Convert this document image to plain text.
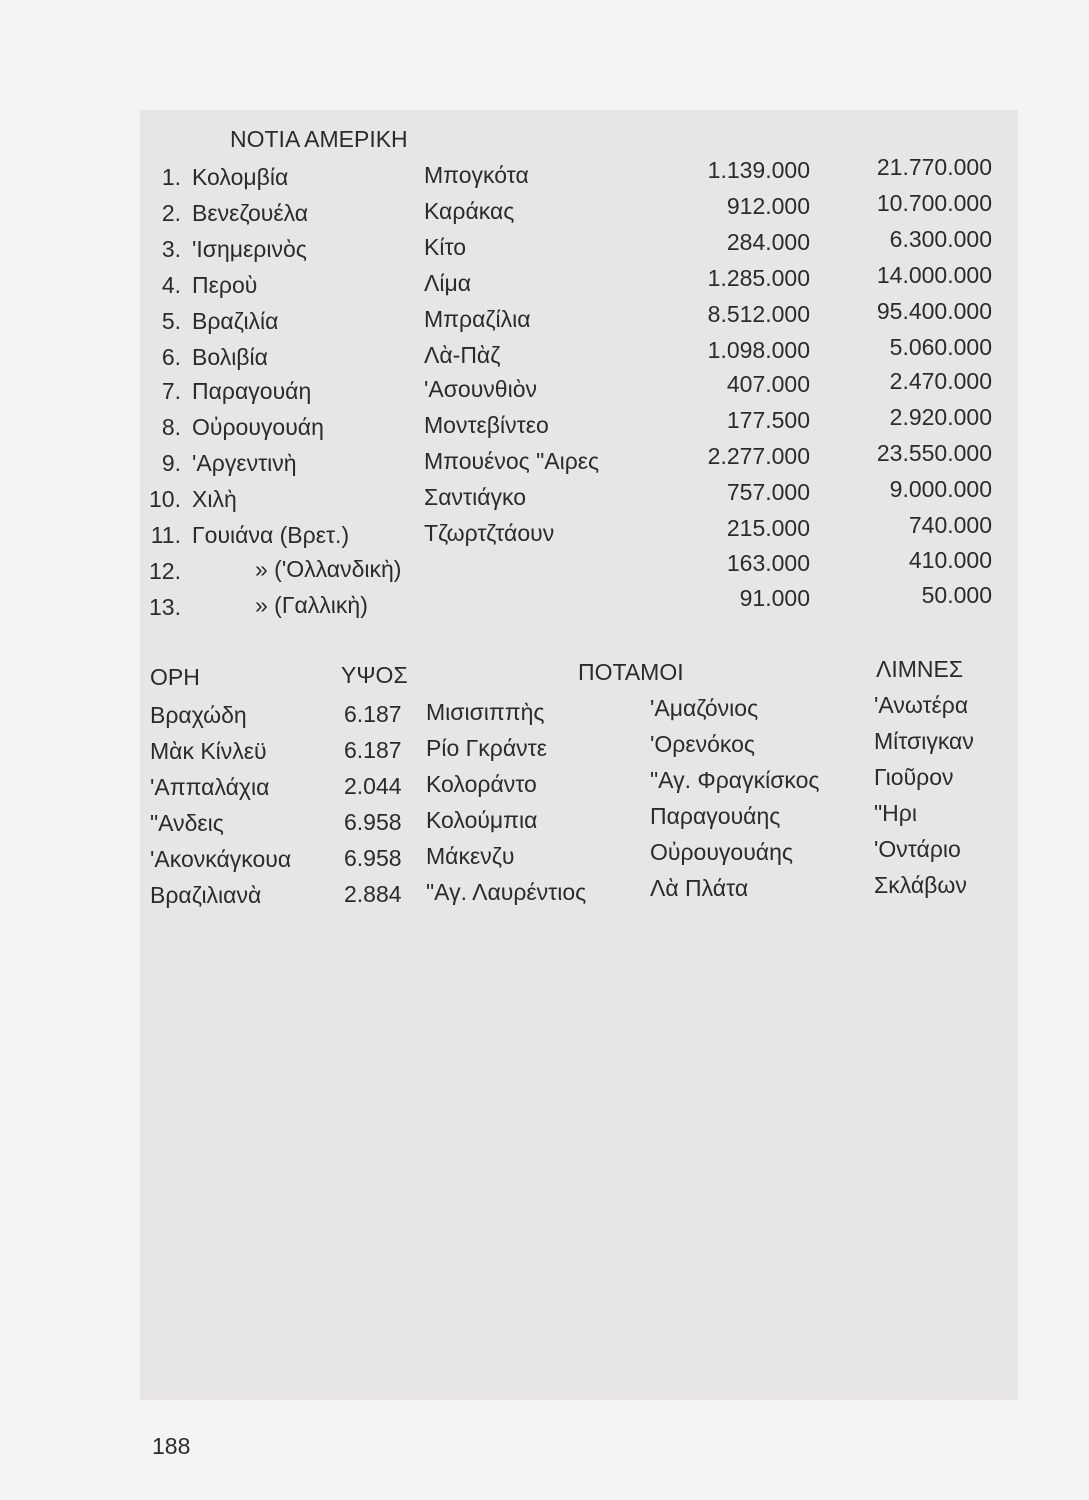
ΝΟΤΙΑ ΑΜΕΡΙΚΗ
1. Κολομβία	Μπογκότα	1.139.000	21.770.000
2. Βενεζουέλα	Καράκας	912.000	10.700.000
3. 'Ισημερινὸς	Κίτο	284.000	6.300.000
4. Περοὺ	Λίμα	1.285.000	14.000.000
5. Βραζιλία	Μπραζίλια	8.512.000	95.400.000
6. Βολιβία	Λὰ-Πὰζ	1.098.000	5.060.000
7. Παραγουάη	'Ασουνθιὸν	407.000	2.470.000
8. Οὐρουγουάη	Μοντεβίντεο	177.500	2.920.000
9. 'Αργεντινὴ	Μπουένος "Αιρες	2.277.000	23.550.000
10. Χιλὴ	Σαντιάγκο	757.000	9.000.000
11. Γουιάνα (Βρετ.)	Τζωρτζτάουν	215.000	740.000
12.	» ('Ολλανδικὴ)	163.000	410.000
13.	» (Γαλλικὴ)	91.000	50.000
ΟΡΗ	ΥΨΟΣ	ΠΟΤΑΜΟΙ	ΛΙΜΝΕΣ
Βραχώδη	6.187 Μισισιππὴς	'Αμαζόνιος	'Ανωτέρα
Μὰκ Κίνλεϋ	6.187 Ρίο Γκράντε	'Ορενόκος	Μίτσιγκαν
'Αππαλάχια	2.044 Κολοράντο	"Αγ. Φραγκίσκος Γιοῦρον
"Ανδεις	6.958 Κολούμπια	Παραγουάης	"Ηρι
'Ακονκάγκουα 6.958 Μάκενζυ	Οὐρουγουάης	'Οντάριο
Βραζιλιανὰ	2.884 "Αγ. Λαυρέντιος	Λὰ Πλάτα	Σκλάβων
188
